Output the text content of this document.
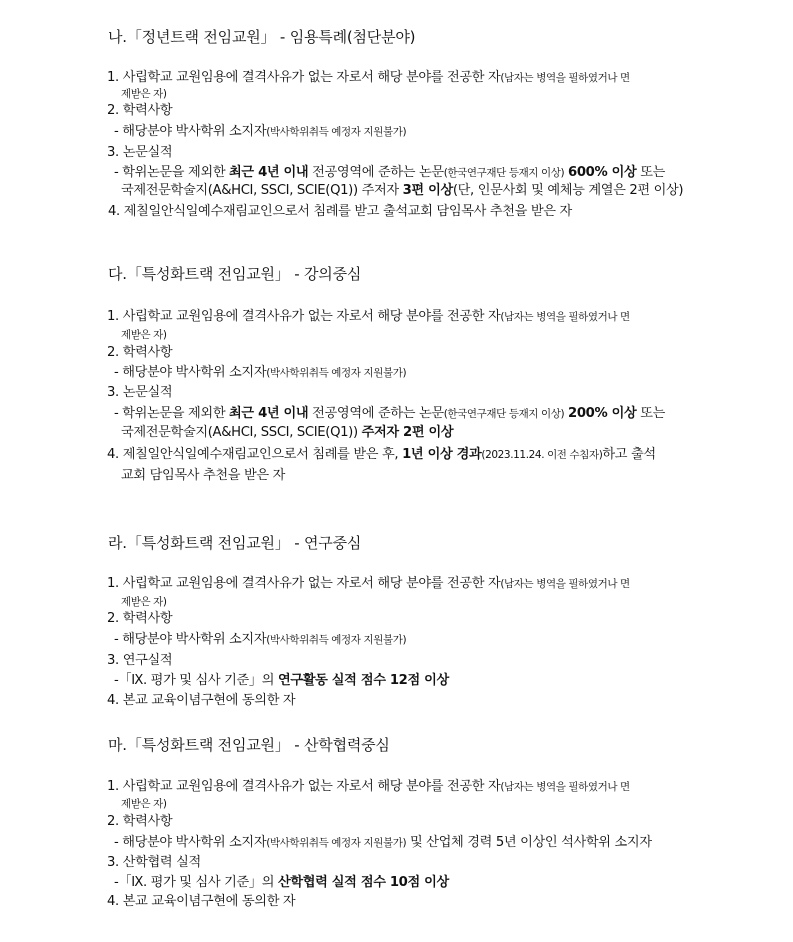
나.「정년트랙 전임교원」 - 임용특례(첨단분야)
1. 사립학교 교원임용에 결격사유가 없는 자로서 해당 분야를 전공한 자(남자는 병역을 필하였거나 면
제받은 자)
2. 학력사항
- 해당분야 박사학위 소지자(박사학위취득 예정자 지원불가)
3. 논문실적
- 학위논문을 제외한 최근 4년 이내 전공영역에 준하는 논문(한국연구재단 등재지 이상) 600% 이상 또는
국제전문학술지(A&HCI, SSCI, SCIE(Q1)) 주저자 3편 이상(단, 인문사회 및 예체능 계열은 2편 이상)
4. 제칠일안식일예수재림교인으로서 침례를 받고 출석교회 담임목사 추천을 받은 자
다.「특성화트랙 전임교원」 - 강의중심
1. 사립학교 교원임용에 결격사유가 없는 자로서 해당 분야를 전공한 자(남자는 병역을 필하였거나 면
제받은 자)
2. 학력사항
- 해당분야 박사학위 소지자(박사학위취득 예정자 지원불가)
3. 논문실적
- 학위논문을 제외한 최근 4년 이내 전공영역에 준하는 논문(한국연구재단 등재지 이상) 200% 이상 또는
국제전문학술지(A&HCI, SSCI, SCIE(Q1)) 주저자 2편 이상
4. 제칠일안식일예수재림교인으로서 침례를 받은 후, 1년 이상 경과(2023.11.24. 이전 수침자)하고 출석
교회 담임목사 추천을 받은 자
라.「특성화트랙 전임교원」 - 연구중심
1. 사립학교 교원임용에 결격사유가 없는 자로서 해당 분야를 전공한 자(남자는 병역을 필하였거나 면
제받은 자)
2. 학력사항
- 해당분야 박사학위 소지자(박사학위취득 예정자 지원불가)
3. 연구실적
-「Ⅸ. 평가 및 심사 기준」의 연구활동 실적 점수 12점 이상
4. 본교 교육이념구현에 동의한 자
마.「특성화트랙 전임교원」 - 산학협력중심
1. 사립학교 교원임용에 결격사유가 없는 자로서 해당 분야를 전공한 자(남자는 병역을 필하였거나 면
제받은 자)
2. 학력사항
- 해당분야 박사학위 소지자(박사학위취득 예정자 지원불가) 및 산업체 경력 5년 이상인 석사학위 소지자
3. 산학협력 실적
-「Ⅸ. 평가 및 심사 기준」의 산학협력 실적 점수 10점 이상
4. 본교 교육이념구현에 동의한 자
